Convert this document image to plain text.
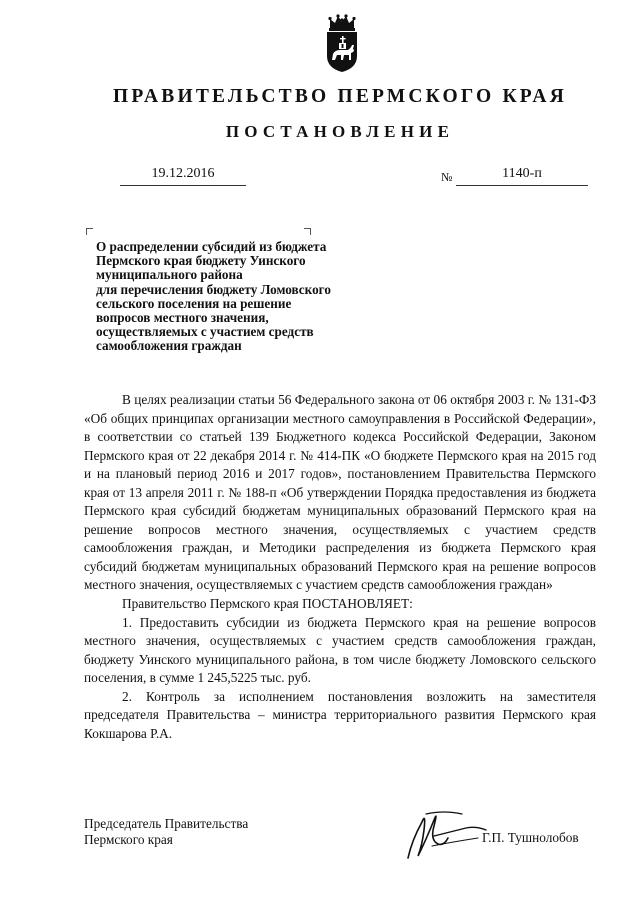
ПРАВИТЕЛЬСТВО ПЕРМСКОГО КРАЯ
ПОСТАНОВЛЕНИЕ
19.12.2016	№	1140-п
О распределении субсидий из бюджета
Пермского края бюджету Уинского
муниципального района
для перечисления бюджету Ломовского
сельского поселения на решение
вопросов местного значения,
осуществляемых с участием средств
самообложения граждан

В целях реализации статьи 56 Федерального закона от 06 октября 2003 г. № 131-ФЗ «Об общих принципах организации местного самоуправления в Российской Федерации», в соответствии со статьей 139 Бюджетного кодекса Российской Федерации, Законом Пермского края от 22 декабря 2014 г. № 414-ПК «О бюджете Пермского края на 2015 год и на плановый период 2016 и 2017 годов», постановлением Правительства Пермского края от 13 апреля 2011 г. № 188-п «Об утверждении Порядка предоставления из бюджета Пермского края субсидий бюджетам муниципальных образований Пермского края на решение вопросов местного значения, осуществляемых с участием средств самообложения граждан, и Методики распределения из бюджета Пермского края субсидий бюджетам муниципальных образований Пермского края на решение вопросов местного значения, осуществляемых с участием средств самообложения граждан»

Правительство Пермского края ПОСТАНОВЛЯЕТ:

1. Предоставить субсидии из бюджета Пермского края на решение вопросов местного значения, осуществляемых с участием средств самообложения граждан, бюджету Уинского муниципального района, в том числе бюджету Ломовского сельского поселения, в сумме 1 245,5225 тыс. руб.

2. Контроль за исполнением постановления возложить на заместителя председателя Правительства – министра территориального развития Пермского края Кокшарова Р.А.

Председатель Правительства
Пермского края	Г.П. Тушнолобов
